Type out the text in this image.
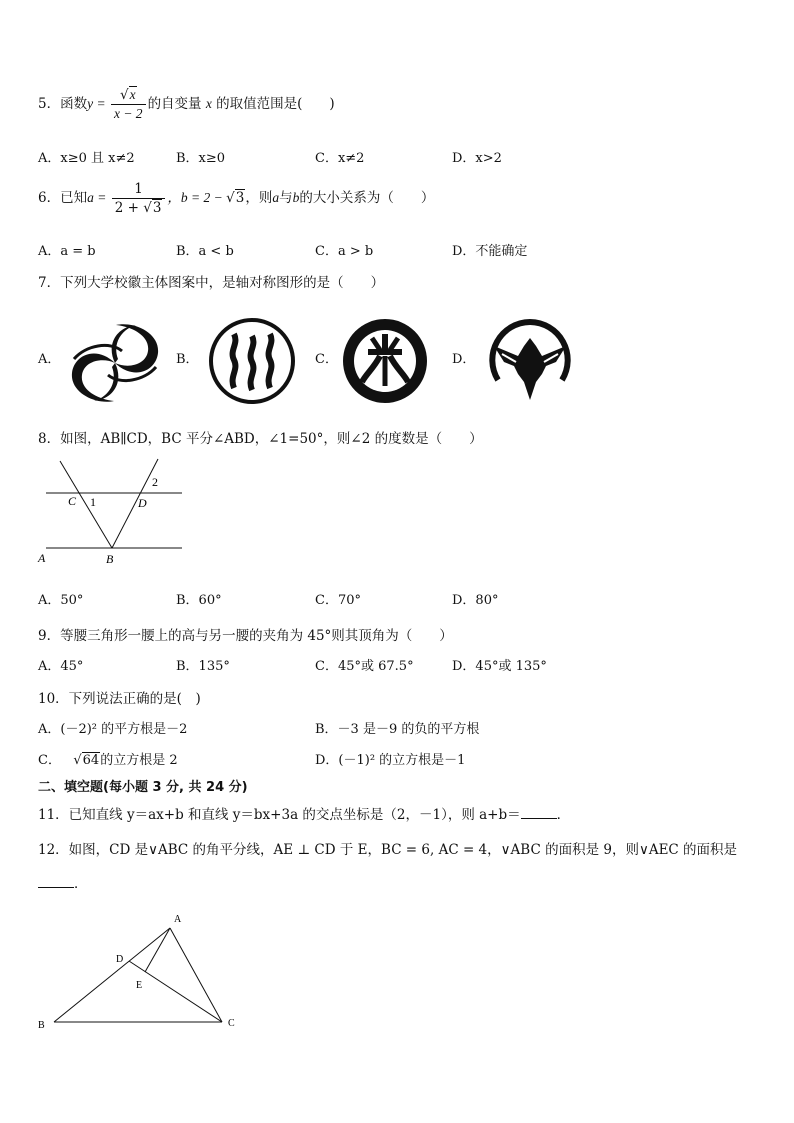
5．函数$y = \frac{√x}{x - 2}$ 的自变量 x 的取值范围是(　　)
A．x≥0 且 x≠2	B．x≥0	C．x≠2	D．x>2
6．已知$a = \frac{1}{2 + √3}$ ，b = 2 − √3，则a与b的大小关系为（　　）
A．a = b	B．a < b	C．a > b	D．不能确定
7．下列大学校徽主体图案中，是轴对称图形的是（　　）
A．	B．	C．	D．
8．如图，AB∥CD，BC 平分∠ABD，∠1=50°，则∠2 的度数是（　　）
C 1
2
D
A	B
A．50°	B．60°	C．70°	D．80°
9．等腰三角形一腰上的高与另一腰的夹角为 45°则其顶角为（　　）
A．45°	B．135°	C．45°或 67.5°	D．45°或 135°
10．下列说法正确的是(　)
A．(－2)² 的平方根是－2	B．－3 是－9 的负的平方根
C． √64的立方根是 2	D．(－1)² 的立方根是－1
二、填空题(每小题 3 分, 共 24 分)
11．已知直线 y＝ax+b 和直线 y＝bx+3a 的交点坐标是（2，－1），则 a+b＝	．
12．如图，CD 是∨ABC 的角平分线，AE ⊥ CD 于 E，BC = 6, AC = 4，∨ABC 的面积是 9，则∨AEC 的面积是
．
A
D
E
B	C
